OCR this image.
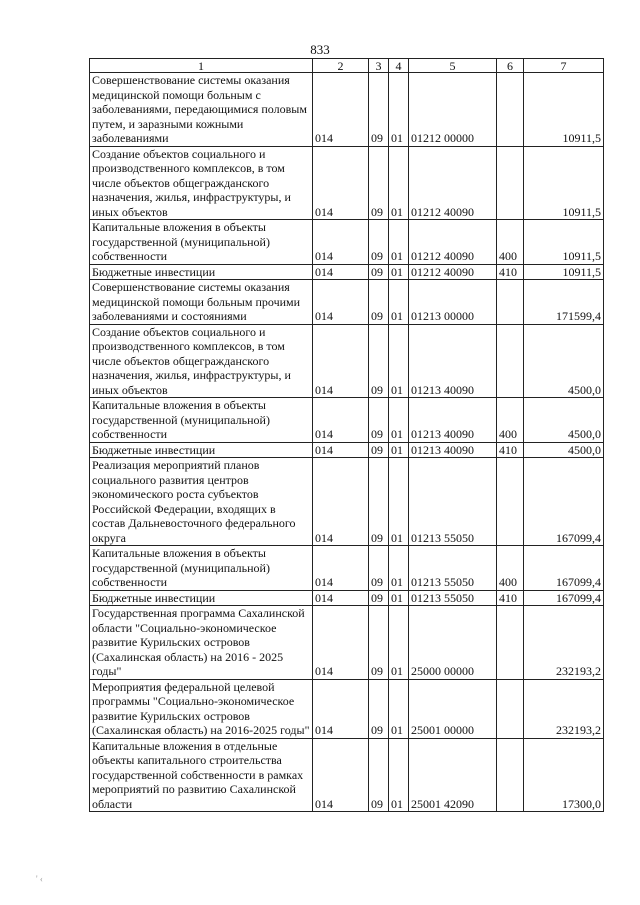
833
1	2	3	4	5	6	7
Совершенствование системы оказания медицинской помощи больным с заболеваниями, передающимися половым путем, и заразными кожными заболеваниями	014	09	01	01212 00000		10911,5
Создание объектов социального и производственного комплексов, в том числе объектов общегражданского назначения, жилья, инфраструктуры, и иных объектов	014	09	01	01212 40090		10911,5
Капитальные вложения в объекты государственной (муниципальной) собственности	014	09	01	01212 40090	400	10911,5
Бюджетные инвестиции	014	09	01	01212 40090	410	10911,5
Совершенствование системы оказания медицинской помощи больным прочими заболеваниями и состояниями	014	09	01	01213 00000		171599,4
Создание объектов социального и производственного комплексов, в том числе объектов общегражданского назначения, жилья, инфраструктуры, и иных объектов	014	09	01	01213 40090		4500,0
Капитальные вложения в объекты государственной (муниципальной) собственности	014	09	01	01213 40090	400	4500,0
Бюджетные инвестиции	014	09	01	01213 40090	410	4500,0
Реализация мероприятий планов социального развития центров экономического роста субъектов Российской Федерации, входящих в состав Дальневосточного федерального округа	014	09	01	01213 55050		167099,4
Капитальные вложения в объекты государственной (муниципальной) собственности	014	09	01	01213 55050	400	167099,4
Бюджетные инвестиции	014	09	01	01213 55050	410	167099,4
Государственная программа Сахалинской области "Социально-экономическое развитие Курильских островов (Сахалинская область) на 2016 - 2025 годы"	014	09	01	25000 00000		232193,2
Мероприятия федеральной целевой программы "Социально-экономическое развитие Курильских островов (Сахалинская область) на 2016-2025 годы"	014	09	01	25001 00000		232193,2
Капитальные вложения в отдельные объекты капитального строительства государственной собственности в рамках мероприятий по развитию Сахалинской области	014	09	01	25001 42090		17300,0
' ‹
